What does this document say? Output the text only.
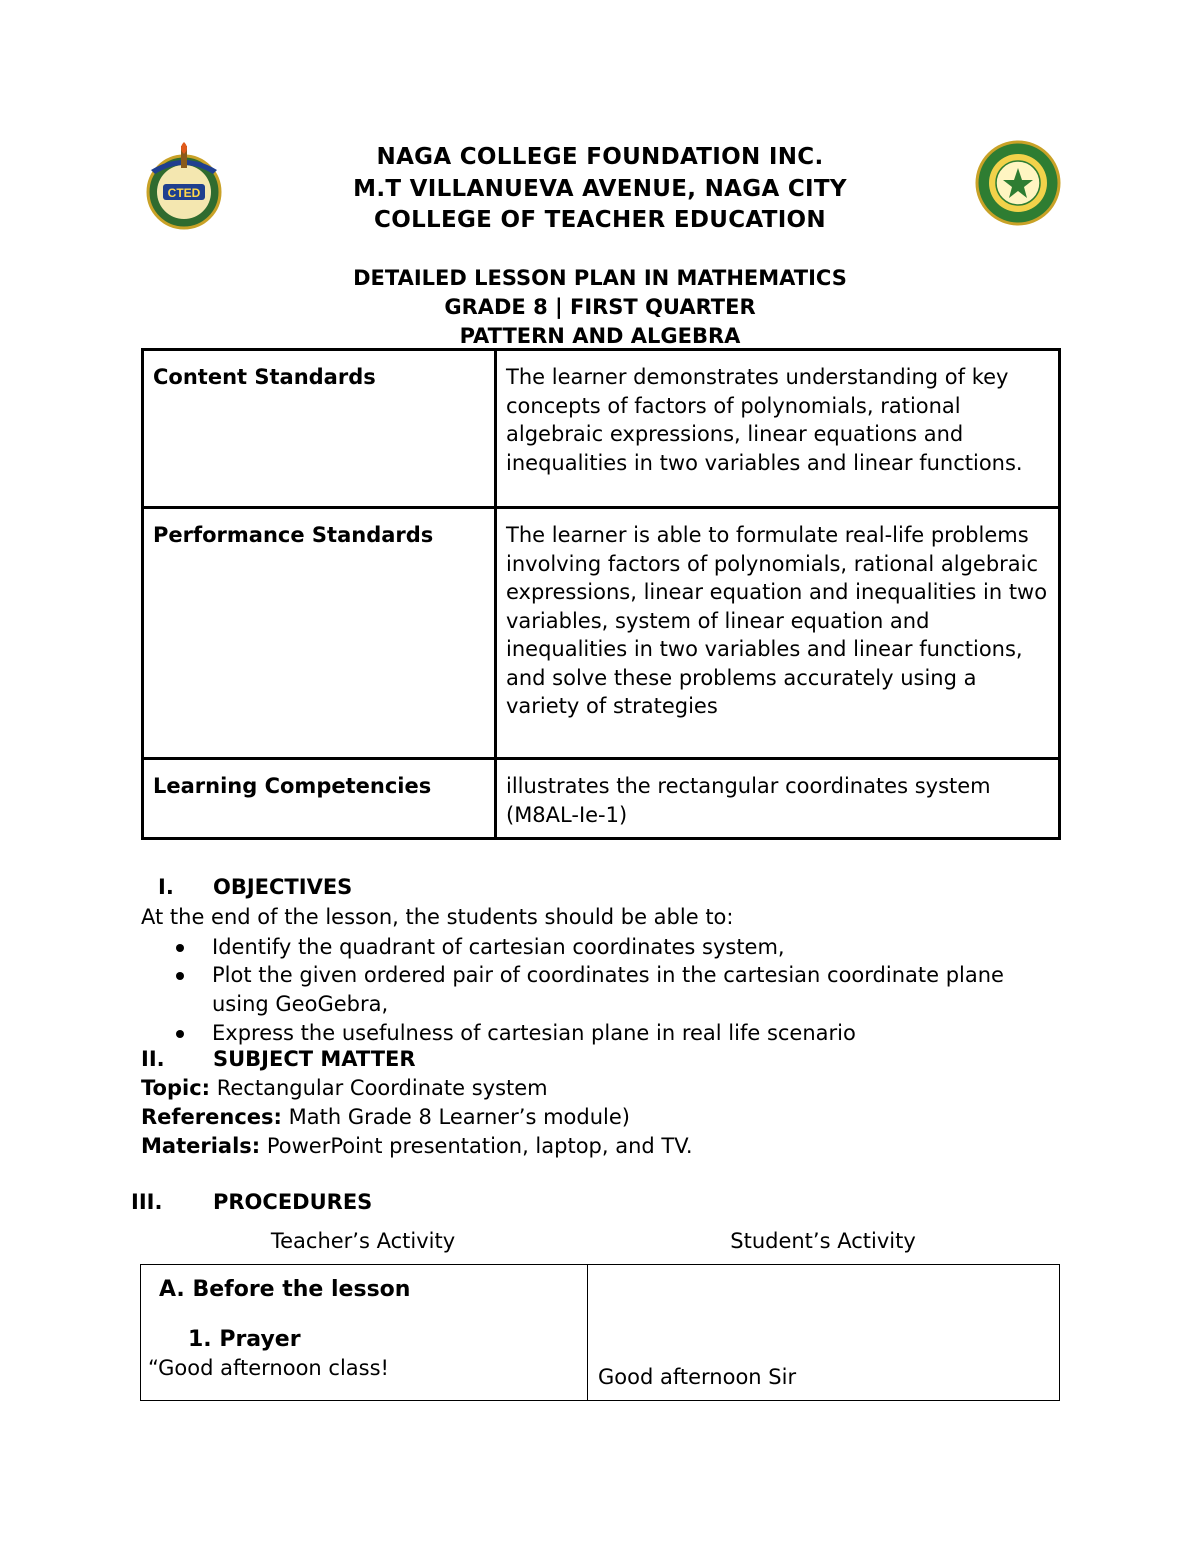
CTED
NAGA COLLEGE FOUNDATION INC.
M.T VILLANUEVA AVENUE, NAGA CITY
COLLEGE OF TEACHER EDUCATION
DETAILED LESSON PLAN IN MATHEMATICS
GRADE 8 | FIRST QUARTER
PATTERN AND ALGEBRA
Content Standards	The learner demonstrates understanding of key concepts of factors of polynomials, rational algebraic expressions, linear equations and inequalities in two variables and linear functions.
Performance Standards	The learner is able to formulate real-life problems involving factors of polynomials, rational algebraic expressions, linear equation and inequalities in two variables, system of linear equation and inequalities in two variables and linear functions, and solve these problems accurately using a variety of strategies
Learning Competencies	illustrates the rectangular coordinates system (M8AL-Ie-1)
I. OBJECTIVES
At the end of the lesson, the students should be able to:
Identify the quadrant of cartesian coordinates system,
Plot the given ordered pair of coordinates in the cartesian coordinate plane using GeoGebra,
Express the usefulness of cartesian plane in real life scenario
II. SUBJECT MATTER
Topic: Rectangular Coordinate system
References: Math Grade 8 Learner’s module)
Materials: PowerPoint presentation, laptop, and TV.
III. PROCEDURES
Teacher’s Activity	Student’s Activity
A. Before the lesson
1. Prayer
“Good afternoon class!	Good afternoon Sir
